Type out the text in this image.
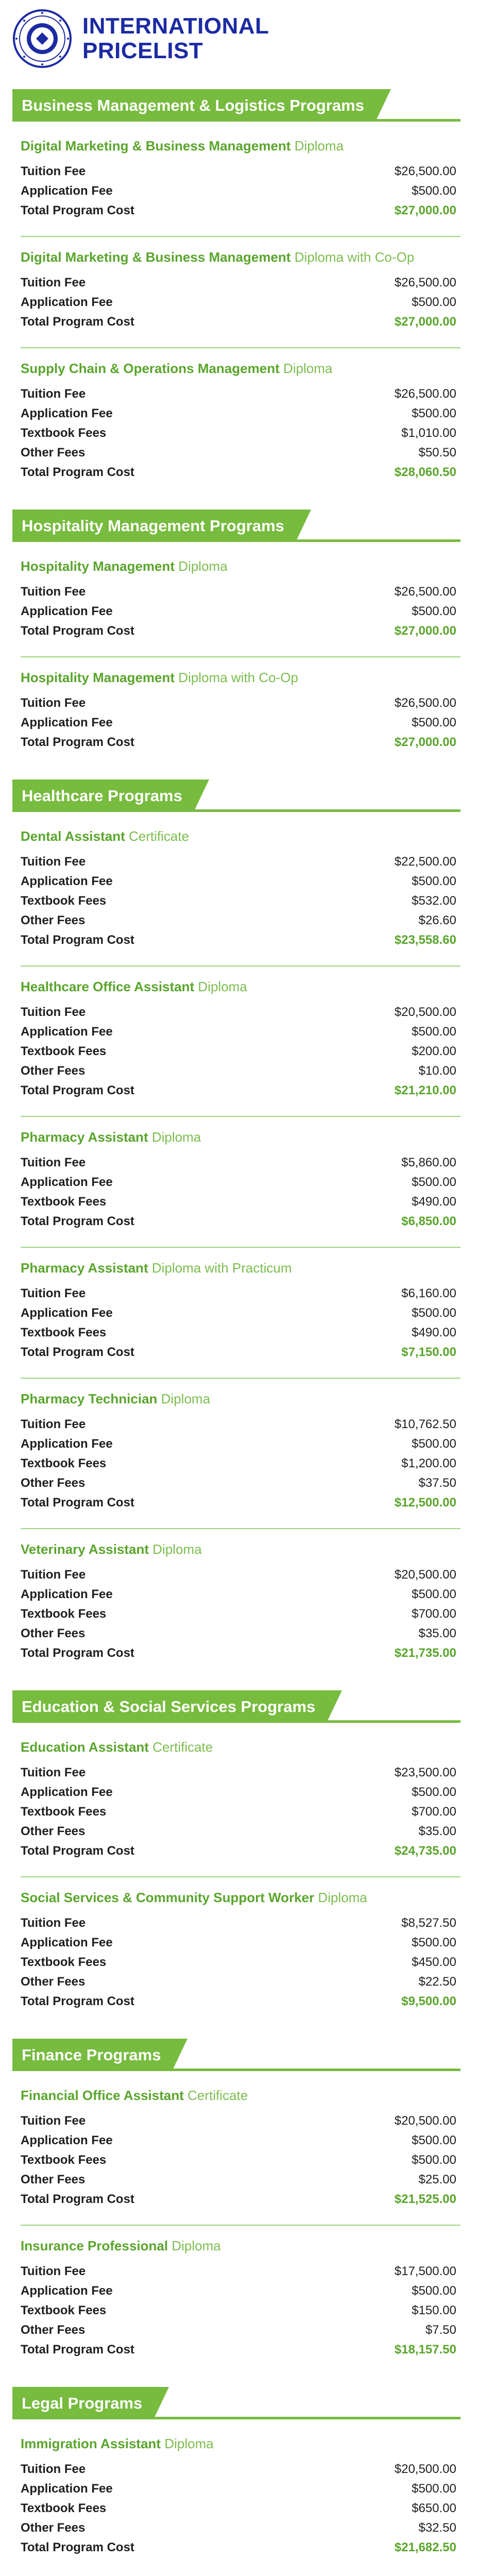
INTERNATIONAL
PRICELIST
Business Management & Logistics Programs
Digital Marketing & Business Management Diploma
Tuition Fee	$26,500.00
Application Fee	$500.00
Total Program Cost	$27,000.00
Digital Marketing & Business Management Diploma with Co-Op
Tuition Fee	$26,500.00
Application Fee	$500.00
Total Program Cost	$27,000.00
Supply Chain & Operations Management Diploma
Tuition Fee	$26,500.00
Application Fee	$500.00
Textbook Fees	$1,010.00
Other Fees	$50.50
Total Program Cost	$28,060.50
Hospitality Management Programs
Hospitality Management Diploma
Tuition Fee	$26,500.00
Application Fee	$500.00
Total Program Cost	$27,000.00
Hospitality Management Diploma with Co-Op
Tuition Fee	$26,500.00
Application Fee	$500.00
Total Program Cost	$27,000.00
Healthcare Programs
Dental Assistant Certificate
Tuition Fee	$22,500.00
Application Fee	$500.00
Textbook Fees	$532.00
Other Fees	$26.60
Total Program Cost	$23,558.60
Healthcare Office Assistant Diploma
Tuition Fee	$20,500.00
Application Fee	$500.00
Textbook Fees	$200.00
Other Fees	$10.00
Total Program Cost	$21,210.00
Pharmacy Assistant Diploma
Tuition Fee	$5,860.00
Application Fee	$500.00
Textbook Fees	$490.00
Total Program Cost	$6,850.00
Pharmacy Assistant Diploma with Practicum
Tuition Fee	$6,160.00
Application Fee	$500.00
Textbook Fees	$490.00
Total Program Cost	$7,150.00
Pharmacy Technician Diploma
Tuition Fee	$10,762.50
Application Fee	$500.00
Textbook Fees	$1,200.00
Other Fees	$37.50
Total Program Cost	$12,500.00
Veterinary Assistant Diploma
Tuition Fee	$20,500.00
Application Fee	$500.00
Textbook Fees	$700.00
Other Fees	$35.00
Total Program Cost	$21,735.00
Education & Social Services Programs
Education Assistant Certificate
Tuition Fee	$23,500.00
Application Fee	$500.00
Textbook Fees	$700.00
Other Fees	$35.00
Total Program Cost	$24,735.00
Social Services & Community Support Worker Diploma
Tuition Fee	$8,527.50
Application Fee	$500.00
Textbook Fees	$450.00
Other Fees	$22.50
Total Program Cost	$9,500.00
Finance Programs
Financial Office Assistant Certificate
Tuition Fee	$20,500.00
Application Fee	$500.00
Textbook Fees	$500.00
Other Fees	$25.00
Total Program Cost	$21,525.00
Insurance Professional Diploma
Tuition Fee	$17,500.00
Application Fee	$500.00
Textbook Fees	$150.00
Other Fees	$7.50
Total Program Cost	$18,157.50
Legal Programs
Immigration Assistant Diploma
Tuition Fee	$20,500.00
Application Fee	$500.00
Textbook Fees	$650.00
Other Fees	$32.50
Total Program Cost	$21,682.50
